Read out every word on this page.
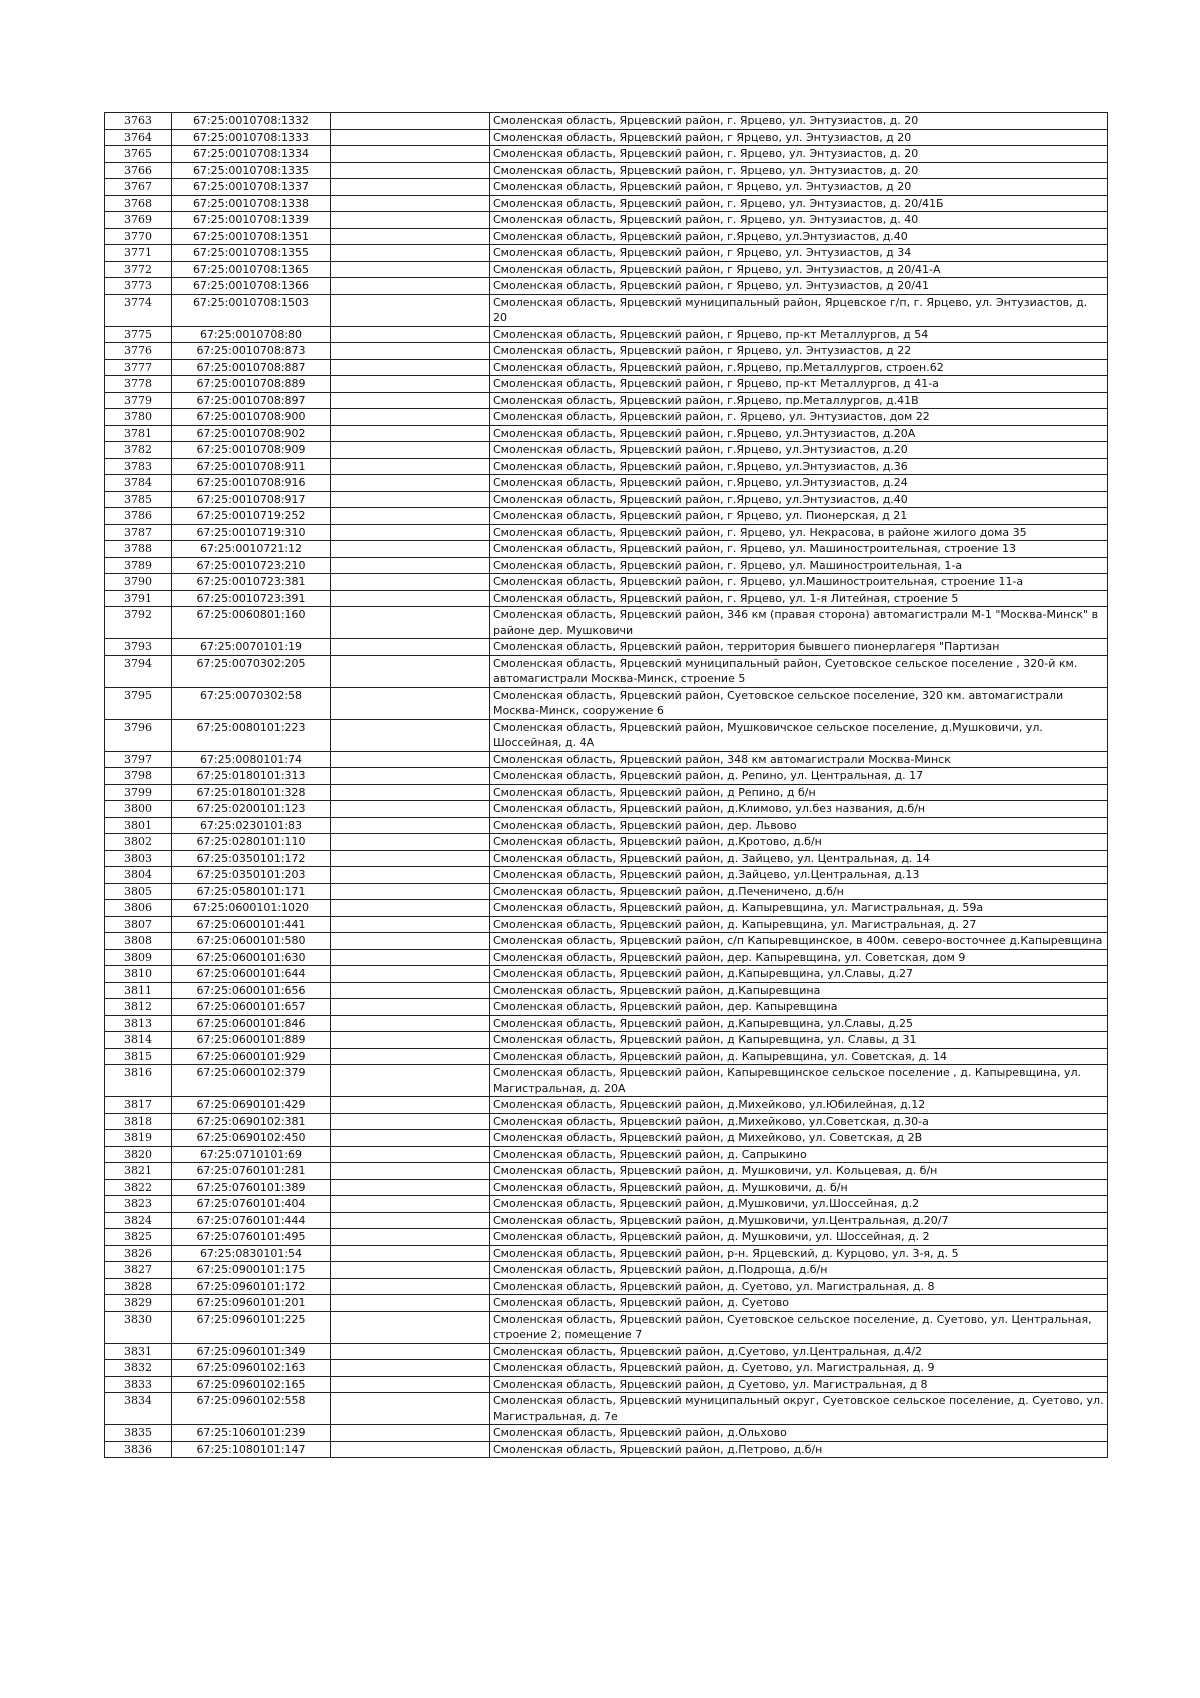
3763	67:25:0010708:1332		Смоленская область, Ярцевский район, г. Ярцево, ул. Энтузиастов, д. 20
3764	67:25:0010708:1333		Смоленская область, Ярцевский район, г Ярцево, ул. Энтузиастов, д 20
3765	67:25:0010708:1334		Смоленская область, Ярцевский район, г. Ярцево, ул. Энтузиастов, д. 20
3766	67:25:0010708:1335		Смоленская область, Ярцевский район, г. Ярцево, ул. Энтузиастов, д. 20
3767	67:25:0010708:1337		Смоленская область, Ярцевский район, г Ярцево, ул. Энтузиастов, д 20
3768	67:25:0010708:1338		Смоленская область, Ярцевский район, г. Ярцево, ул. Энтузиастов, д. 20/41Б
3769	67:25:0010708:1339		Смоленская область, Ярцевский район, г. Ярцево, ул. Энтузиастов, д. 40
3770	67:25:0010708:1351		Смоленская область, Ярцевский район, г.Ярцево, ул.Энтузиастов, д.40
3771	67:25:0010708:1355		Смоленская область, Ярцевский район, г Ярцево, ул. Энтузиастов, д 34
3772	67:25:0010708:1365		Смоленская область, Ярцевский район, г Ярцево, ул. Энтузиастов, д 20/41-А
3773	67:25:0010708:1366		Смоленская область, Ярцевский район, г Ярцево, ул. Энтузиастов, д 20/41
3774	67:25:0010708:1503		Смоленская область, Ярцевский муниципальный район, Ярцевское г/п, г. Ярцево, ул. Энтузиастов, д. 20
3775	67:25:0010708:80		Смоленская область, Ярцевский район, г Ярцево, пр-кт Металлургов, д 54
3776	67:25:0010708:873		Смоленская область, Ярцевский район, г Ярцево, ул. Энтузиастов, д 22
3777	67:25:0010708:887		Смоленская область, Ярцевский район, г.Ярцево, пр.Металлургов, строен.62
3778	67:25:0010708:889		Смоленская область, Ярцевский район, г Ярцево, пр-кт Металлургов, д 41-а
3779	67:25:0010708:897		Смоленская область, Ярцевский район, г.Ярцево, пр.Металлургов, д.41В
3780	67:25:0010708:900		Смоленская область, Ярцевский район, г. Ярцево, ул. Энтузиастов, дом 22
3781	67:25:0010708:902		Смоленская область, Ярцевский район, г.Ярцево, ул.Энтузиастов, д.20А
3782	67:25:0010708:909		Смоленская область, Ярцевский район, г.Ярцево, ул.Энтузиастов, д.20
3783	67:25:0010708:911		Смоленская область, Ярцевский район, г.Ярцево, ул.Энтузиастов, д.36
3784	67:25:0010708:916		Смоленская область, Ярцевский район, г.Ярцево, ул.Энтузиастов, д.24
3785	67:25:0010708:917		Смоленская область, Ярцевский район, г.Ярцево, ул.Энтузиастов, д.40
3786	67:25:0010719:252		Смоленская область, Ярцевский район, г Ярцево, ул. Пионерская, д 21
3787	67:25:0010719:310		Смоленская область, Ярцевский район, г. Ярцево, ул. Некрасова, в районе жилого дома 35
3788	67:25:0010721:12		Смоленская область, Ярцевский район, г. Ярцево, ул. Машиностроительная, строение 13
3789	67:25:0010723:210		Смоленская область, Ярцевский район, г. Ярцево, ул. Машиностроительная, 1-а
3790	67:25:0010723:381		Смоленская область, Ярцевский район, г. Ярцево, ул.Машиностроительная, строение 11-а
3791	67:25:0010723:391		Смоленская область, Ярцевский район, г. Ярцево, ул. 1-я Литейная, строение 5
3792	67:25:0060801:160		Смоленская область, Ярцевский район, 346 км (правая сторона) автомагистрали М-1 "Москва-Минск" в районе дер. Мушковичи
3793	67:25:0070101:19		Смоленская область, Ярцевский район, территория бывшего пионерлагеря "Партизан
3794	67:25:0070302:205		Смоленская область, Ярцевский муниципальный район, Суетовское сельское поселение , 320-й км. автомагистрали Москва-Минск, строение 5
3795	67:25:0070302:58		Смоленская область, Ярцевский район, Суетовское сельское поселение, 320 км. автомагистрали Москва-Минск, сооружение 6
3796	67:25:0080101:223		Смоленская область, Ярцевский район, Мушковичское сельское поселение, д.Мушковичи, ул. Шоссейная, д. 4А
3797	67:25:0080101:74		Смоленская область, Ярцевский район, 348 км автомагистрали Москва-Минск
3798	67:25:0180101:313		Смоленская область, Ярцевский район, д. Репино, ул. Центральная, д. 17
3799	67:25:0180101:328		Смоленская область, Ярцевский район, д Репино, д б/н
3800	67:25:0200101:123		Смоленская область, Ярцевский район, д.Климово, ул.без названия, д.б/н
3801	67:25:0230101:83		Смоленская область, Ярцевский район, дер. Львово
3802	67:25:0280101:110		Смоленская область, Ярцевский район, д.Кротово, д.б/н
3803	67:25:0350101:172		Смоленская область, Ярцевский район, д. Зайцево, ул. Центральная, д. 14
3804	67:25:0350101:203		Смоленская область, Ярцевский район, д.Зайцево, ул.Центральная, д.13
3805	67:25:0580101:171		Смоленская область, Ярцевский район, д.Печеничено, д.б/н
3806	67:25:0600101:1020		Смоленская область, Ярцевский район, д. Капыревщина, ул. Магистральная, д. 59а
3807	67:25:0600101:441		Смоленская область, Ярцевский район, д. Капыревщина, ул. Магистральная, д. 27
3808	67:25:0600101:580		Смоленская область, Ярцевский район, с/п Капыревщинское, в 400м. северо-восточнее д.Капыревщина
3809	67:25:0600101:630		Смоленская область, Ярцевский район, дер. Капыревщина, ул. Советская, дом 9
3810	67:25:0600101:644		Смоленская область, Ярцевский район, д.Капыревщина, ул.Славы, д.27
3811	67:25:0600101:656		Смоленская область, Ярцевский район, д.Капыревщина
3812	67:25:0600101:657		Смоленская область, Ярцевский район, дер. Капыревщина
3813	67:25:0600101:846		Смоленская область, Ярцевский район, д.Капыревщина, ул.Славы, д.25
3814	67:25:0600101:889		Смоленская область, Ярцевский район, д Капыревщина, ул. Славы, д 31
3815	67:25:0600101:929		Смоленская область, Ярцевский район, д. Капыревщина, ул. Советская, д. 14
3816	67:25:0600102:379		Смоленская область, Ярцевский район, Капыревщинское сельское поселение , д. Капыревщина, ул. Магистральная, д. 20А
3817	67:25:0690101:429		Смоленская область, Ярцевский район, д.Михейково, ул.Юбилейная, д.12
3818	67:25:0690102:381		Смоленская область, Ярцевский район, д.Михейково, ул.Советская, д.30-а
3819	67:25:0690102:450		Смоленская область, Ярцевский район, д Михейково, ул. Советская, д 2В
3820	67:25:0710101:69		Смоленская область, Ярцевский район, д. Сапрыкино
3821	67:25:0760101:281		Смоленская область, Ярцевский район, д. Мушковичи, ул. Кольцевая, д. б/н
3822	67:25:0760101:389		Смоленская область, Ярцевский район, д. Мушковичи, д. б/н
3823	67:25:0760101:404		Смоленская область, Ярцевский район, д.Мушковичи, ул.Шоссейная, д.2
3824	67:25:0760101:444		Смоленская область, Ярцевский район, д.Мушковичи, ул.Центральная, д.20/7
3825	67:25:0760101:495		Смоленская область, Ярцевский район, д. Мушковичи, ул. Шоссейная, д. 2
3826	67:25:0830101:54		Смоленская область, Ярцевский район, р-н. Ярцевский, д. Курцово, ул. 3-я, д. 5
3827	67:25:0900101:175		Смоленская область, Ярцевский район, д.Подроща, д.б/н
3828	67:25:0960101:172		Смоленская область, Ярцевский район, д. Суетово, ул. Магистральная, д. 8
3829	67:25:0960101:201		Смоленская область, Ярцевский район, д. Суетово
3830	67:25:0960101:225		Смоленская область, Ярцевский район, Суетовское сельское поселение, д. Суетово, ул. Центральная, строение 2, помещение 7
3831	67:25:0960101:349		Смоленская область, Ярцевский район, д.Суетово, ул.Центральная, д.4/2
3832	67:25:0960102:163		Смоленская область, Ярцевский район, д. Суетово, ул. Магистральная, д. 9
3833	67:25:0960102:165		Смоленская область, Ярцевский район, д Суетово, ул. Магистральная, д 8
3834	67:25:0960102:558		Смоленская область, Ярцевский муниципальный округ, Суетовское сельское поселение, д. Суетово, ул. Магистральная, д. 7е
3835	67:25:1060101:239		Смоленская область, Ярцевский район, д.Ольхово
3836	67:25:1080101:147		Смоленская область, Ярцевский район, д.Петрово, д.б/н
